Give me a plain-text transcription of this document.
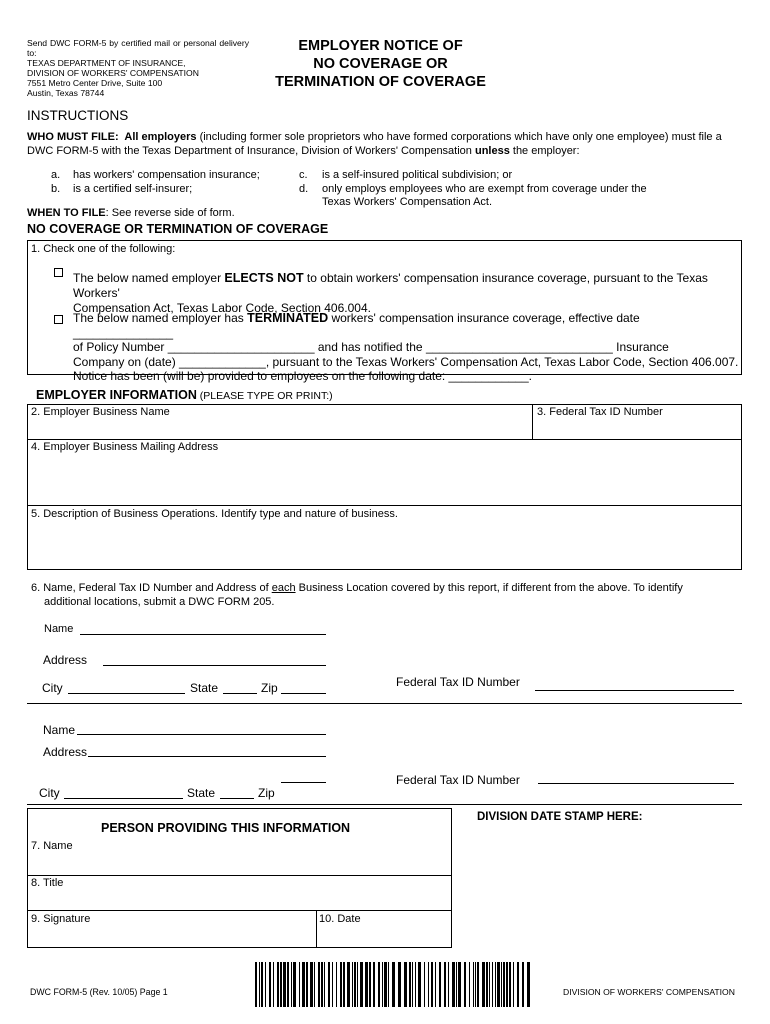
Send DWC FORM-5 by certified mail or personal delivery to:
TEXAS DEPARTMENT OF INSURANCE,
DIVISION OF WORKERS' COMPENSATION
7551 Metro Center Drive, Suite 100
Austin, Texas 78744
EMPLOYER NOTICE OF
NO COVERAGE OR
TERMINATION OF COVERAGE
INSTRUCTIONS
WHO MUST FILE:  All employers (including former sole proprietors who have formed corporations which have only one employee) must file a DWC FORM-5 with the Texas Department of Insurance, Division of Workers' Compensation unless the employer:
a. has workers' compensation insurance;
b. is a certified self-insurer;
c. is a self-insured political subdivision; or
d. only employs employees who are exempt from coverage under the
Texas Workers' Compensation Act.
WHEN TO FILE: See reverse side of form.
NO COVERAGE OR TERMINATION OF COVERAGE
1. Check one of the following:
The below named employer ELECTS NOT to obtain workers' compensation insurance coverage, pursuant to the Texas Workers'
Compensation Act, Texas Labor Code, Section 406.004.
The below named employer has TERMINATED workers' compensation insurance coverage, effective date _______________
of Policy Number ______________________ and has notified the ____________________________ Insurance
Company on (date) _____________, pursuant to the Texas Workers' Compensation Act, Texas Labor Code, Section 406.007.
Notice has been (will be) provided to employees on the following date: ____________.
EMPLOYER INFORMATION (PLEASE TYPE OR PRINT:)
2. Employer Business Name	3. Federal Tax ID Number
4. Employer Business Mailing Address
5. Description of Business Operations. Identify type and nature of business.
6. Name, Federal Tax ID Number and Address of each Business Location covered by this report, if different from the above. To identify
additional locations, submit a DWC FORM 205.
Name
Address
City	State	Zip	Federal Tax ID Number
Name
Address
Federal Tax ID Number
City	State	Zip
PERSON PROVIDING THIS INFORMATION
7. Name
8. Title
9. Signature	10. Date
DIVISION DATE STAMP HERE:
DWC FORM-5 (Rev. 10/05) Page 1	DIVISION OF WORKERS' COMPENSATION
